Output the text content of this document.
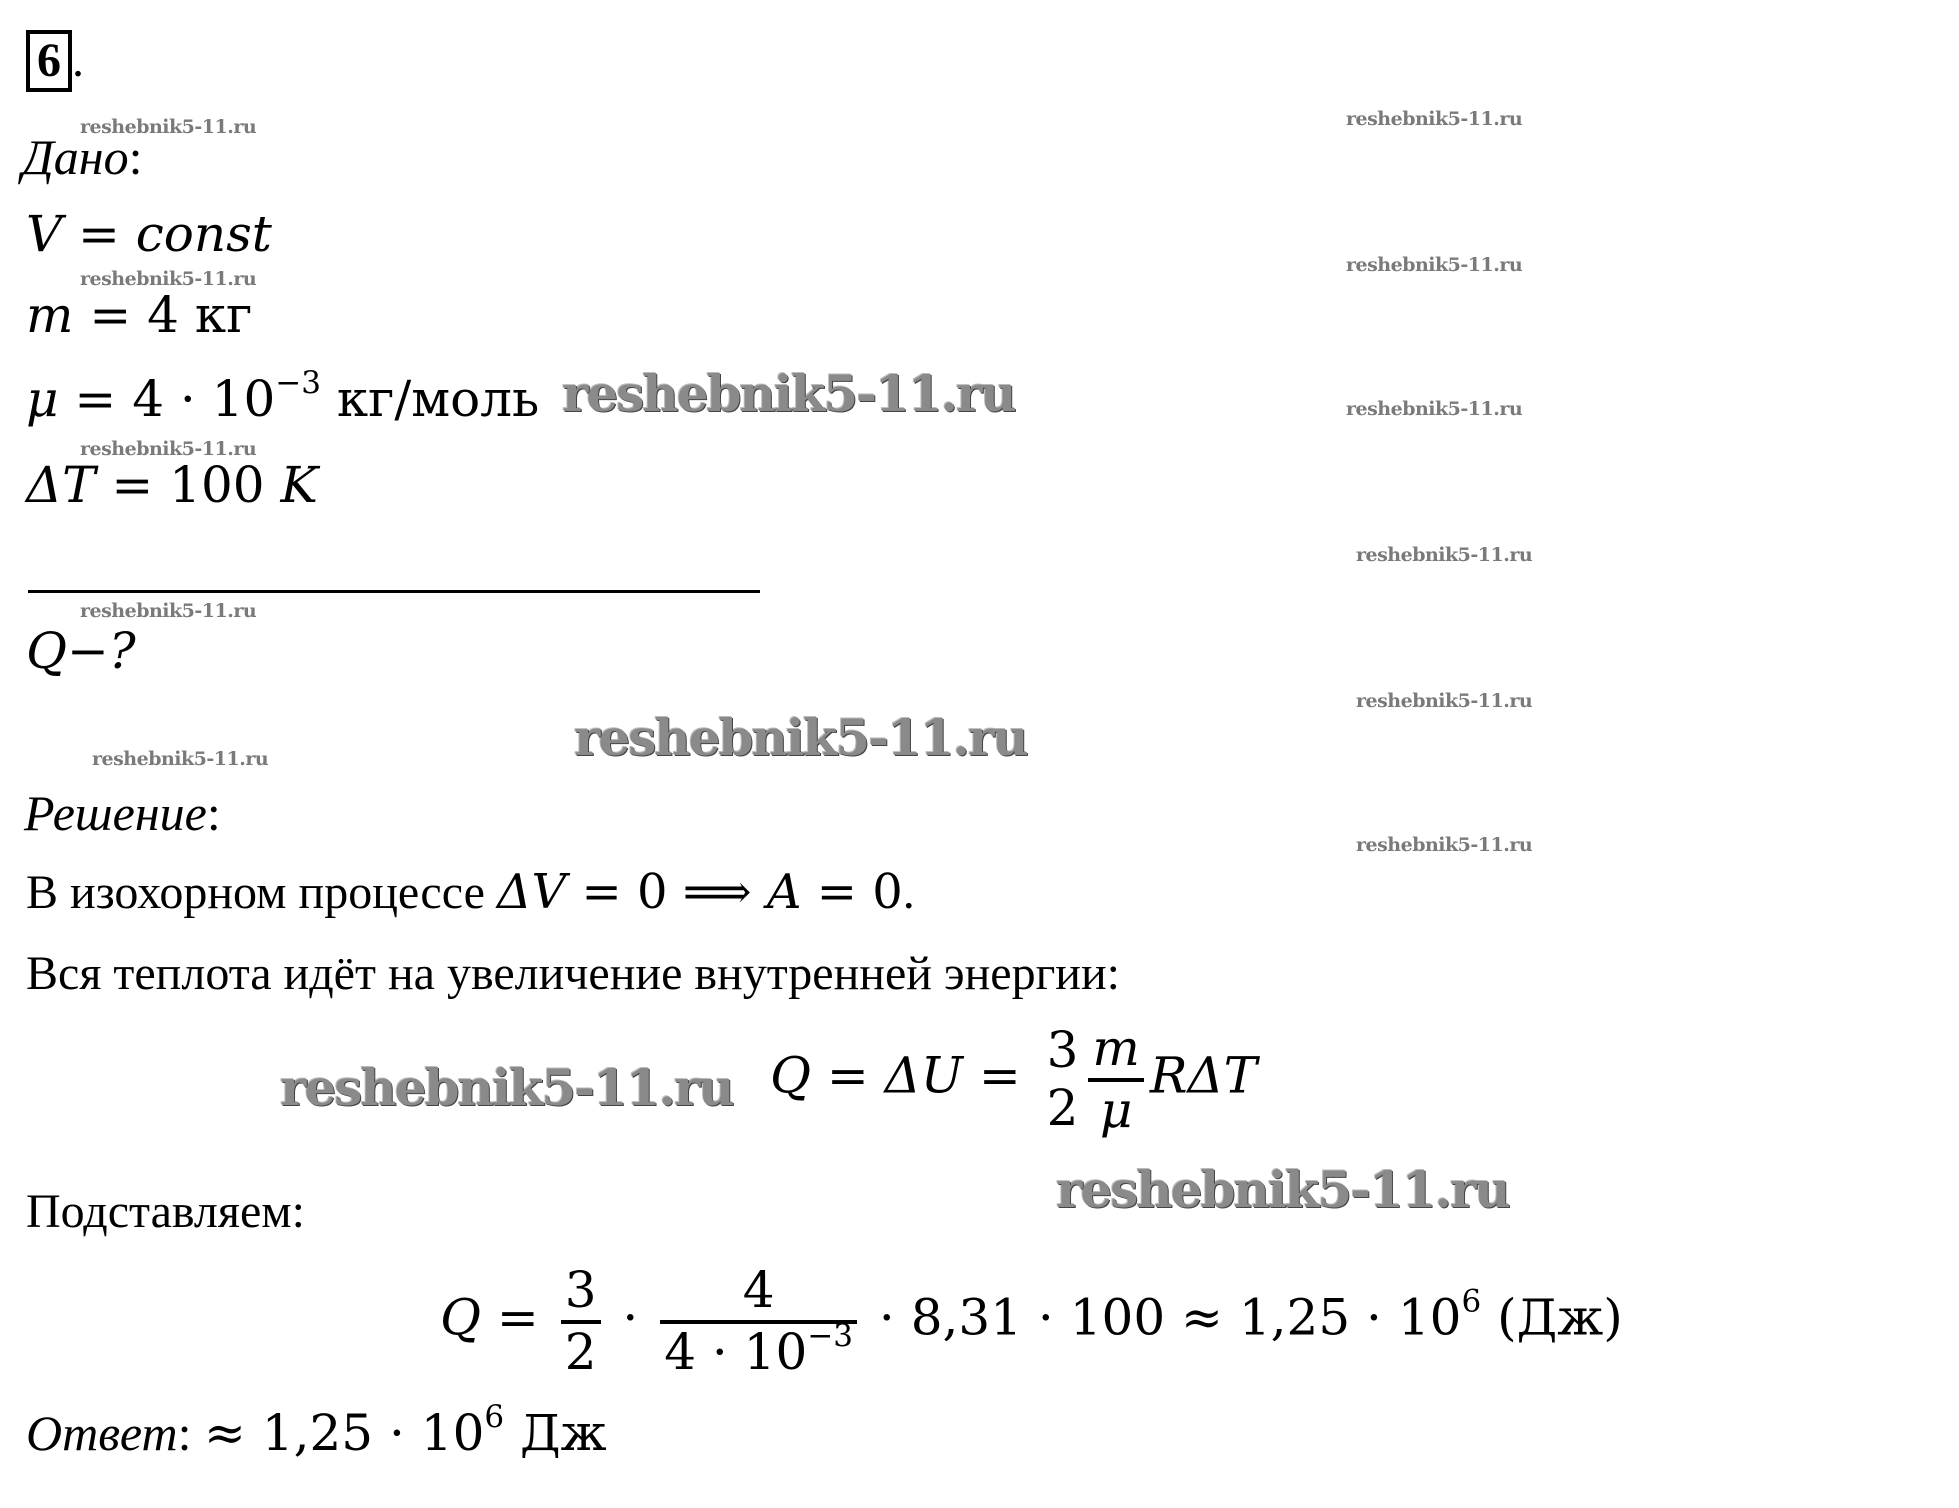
6 .
Дано:
V = const
m = 4 кг
$\mu = 4 \cdot 10^{-3}$ кг/моль
ΔT = 100 K
Q−?
Решение:
В изохорном процессе ΔV = 0 ⟹ A = 0.
Вся теплота идёт на увеличение внутренней энергии:
Q = ΔU = 3
$2 \frac{m}{\mu}$ RΔT
Подставляем:
$Q = \frac{3}{2} \cdot \frac{4}{4 \cdot 10^{-3}} \cdot 8,31 \cdot 100 \approx 1,25 \cdot 10^6$ (Дж)
Ответ: ≈ $1,25 \cdot 10^6$ Дж
reshebnik5-11.ru	reshebnik5-11.ru
reshebnik5-11.ru
reshebnik5-11.ru
reshebnik5-11.ru
reshebnik5-11.ru
reshebnik5-11.ru
reshebnik5-11.ru
reshebnik5-11.ru
reshebnik5-11.ru
reshebnik5-11.ru
reshebnik5-11.ru
reshebnik5-11.ru
reshebnik5-11.ru
reshebnik5-11.ru
